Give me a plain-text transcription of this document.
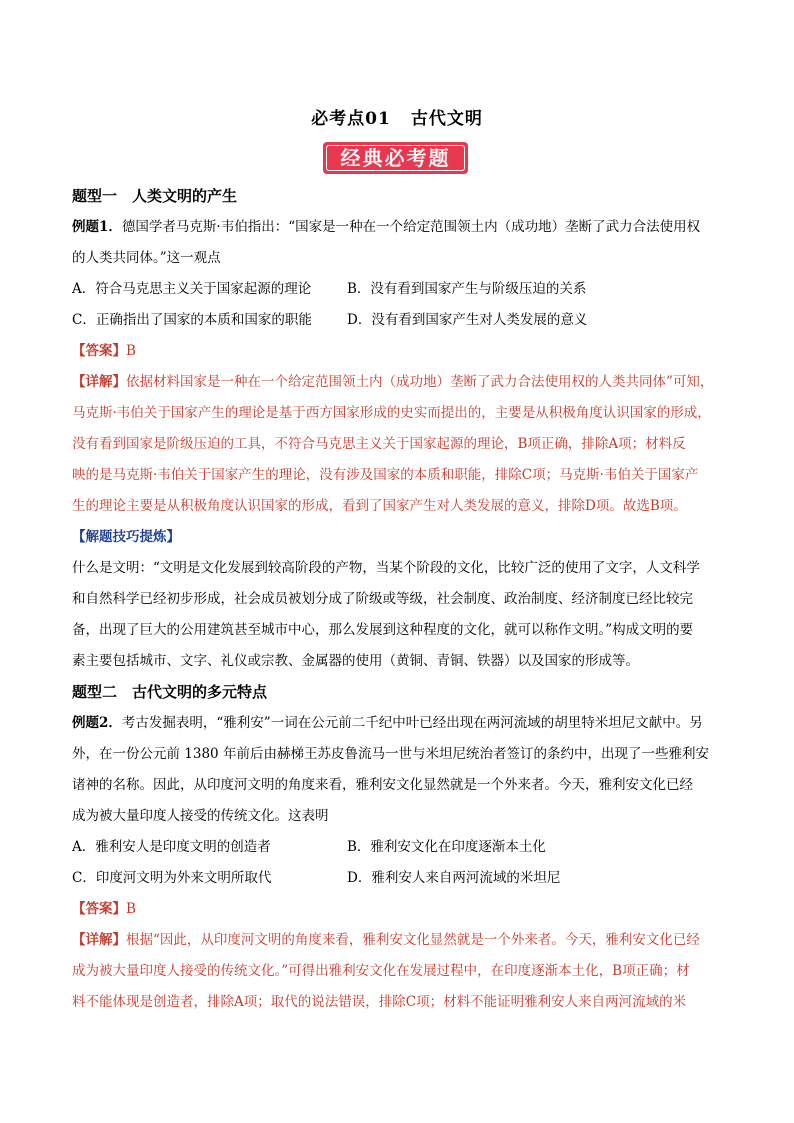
必考点01 古代文明
经典必考题
题型一　人类文明的产生
例题1．德国学者马克斯·韦伯指出：“国家是一种在一个给定范围领土内（成功地）垄断了武力合法使用权
的人类共同体。”这一观点
A．符合马克思主义关于国家起源的理论	B．没有看到国家产生与阶级压迫的关系
C．正确指出了国家的本质和国家的职能	D．没有看到国家产生对人类发展的意义
【答案】B
【详解】依据材料国家是一种在一个给定范围领土内（成功地）垄断了武力合法使用权的人类共同体”可知，
马克斯·韦伯关于国家产生的理论是基于西方国家形成的史实而提出的，主要是从积极角度认识国家的形成，
没有看到国家是阶级压迫的工具，不符合马克思主义关于国家起源的理论，B项正确，排除A项；材料反
映的是马克斯·韦伯关于国家产生的理论，没有涉及国家的本质和职能，排除C项；马克斯·韦伯关于国家产
生的理论主要是从积极角度认识国家的形成，看到了国家产生对人类发展的意义，排除D项。故选B项。
【解题技巧提炼】
什么是文明：“文明是文化发展到较高阶段的产物，当某个阶段的文化，比较广泛的使用了文字，人文科学
和自然科学已经初步形成，社会成员被划分成了阶级或等级，社会制度、政治制度、经济制度已经比较完
备，出现了巨大的公用建筑甚至城市中心，那么发展到这种程度的文化，就可以称作文明。”构成文明的要
素主要包括城市、文字、礼仪或宗教、金属器的使用（黄铜、青铜、铁器）以及国家的形成等。
题型二　古代文明的多元特点
例题2．考古发掘表明，“雅利安”一词在公元前二千纪中叶已经出现在两河流域的胡里特米坦尼文献中。另
外，在一份公元前 1380 年前后由赫梯王苏皮鲁流马一世与米坦尼统治者签订的条约中，出现了一些雅利安
诸神的名称。因此，从印度河文明的角度来看，雅利安文化显然就是一个外来者。今天，雅利安文化已经
成为被大量印度人接受的传统文化。这表明
A．雅利安人是印度文明的创造者	B．雅利安文化在印度逐渐本土化
C．印度河文明为外来文明所取代	D．雅利安人来自两河流域的米坦尼
【答案】B
【详解】根据“因此，从印度河文明的角度来看，雅利安文化显然就是一个外来者。今天，雅利安文化已经
成为被大量印度人接受的传统文化。”可得出雅利安文化在发展过程中，在印度逐渐本土化，B项正确；材
料不能体现是创造者，排除A项；取代的说法错误，排除C项；材料不能证明雅利安人来自两河流域的米
